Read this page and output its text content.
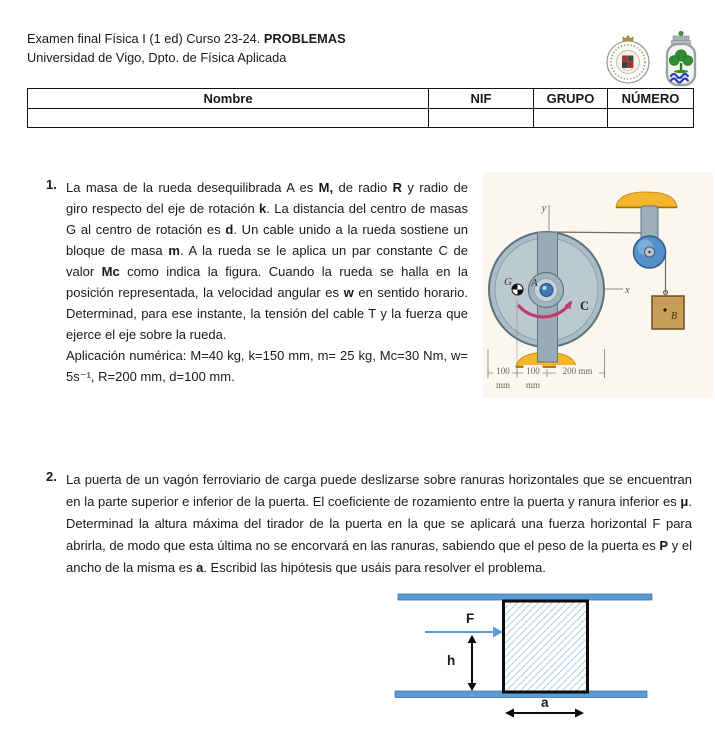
Examen final Física I (1 ed) Curso 23-24. PROBLEMAS
Universidad de Vigo, Dpto. de Física Aplicada
Nombre	NIF	GRUPO	NÚMERO

1. La masa de la rueda desequilibrada A es M, de radio R y radio de giro respecto del eje de rotación k. La distancia del centro de masas G al centro de rotación es d. Un cable unido a la rueda sostiene un bloque de masa m. A la rueda se le aplica un par constante C de valor Mc como indica la figura. Cuando la rueda se halla en la posición representada, la velocidad angular es w en sentido horario. Determinad, para ese instante, la tensión del cable T y la fuerza que ejerce el eje sobre la rueda.
Aplicación numérica: M=40 kg, k=150 mm, m= 25 kg, Mc=30 Nm, w= 5s⁻¹, R=200 mm, d=100 mm.
y
x
B
G A
C
100
mm
100
mm
200 mm
2. La puerta de un vagón ferroviario de carga puede deslizarse sobre ranuras horizontales que se encuentran en la parte superior e inferior de la puerta. El coeficiente de rozamiento entre la puerta y ranura inferior es μ. Determinad la altura máxima del tirador de la puerta en la que se aplicará una fuerza horizontal F para abrirla, de modo que esta última no se encorvará en las ranuras, sabiendo que el peso de la puerta es P y el ancho de la misma es a. Escribid las hipótesis que usáis para resolver el problema.
F
h
a
